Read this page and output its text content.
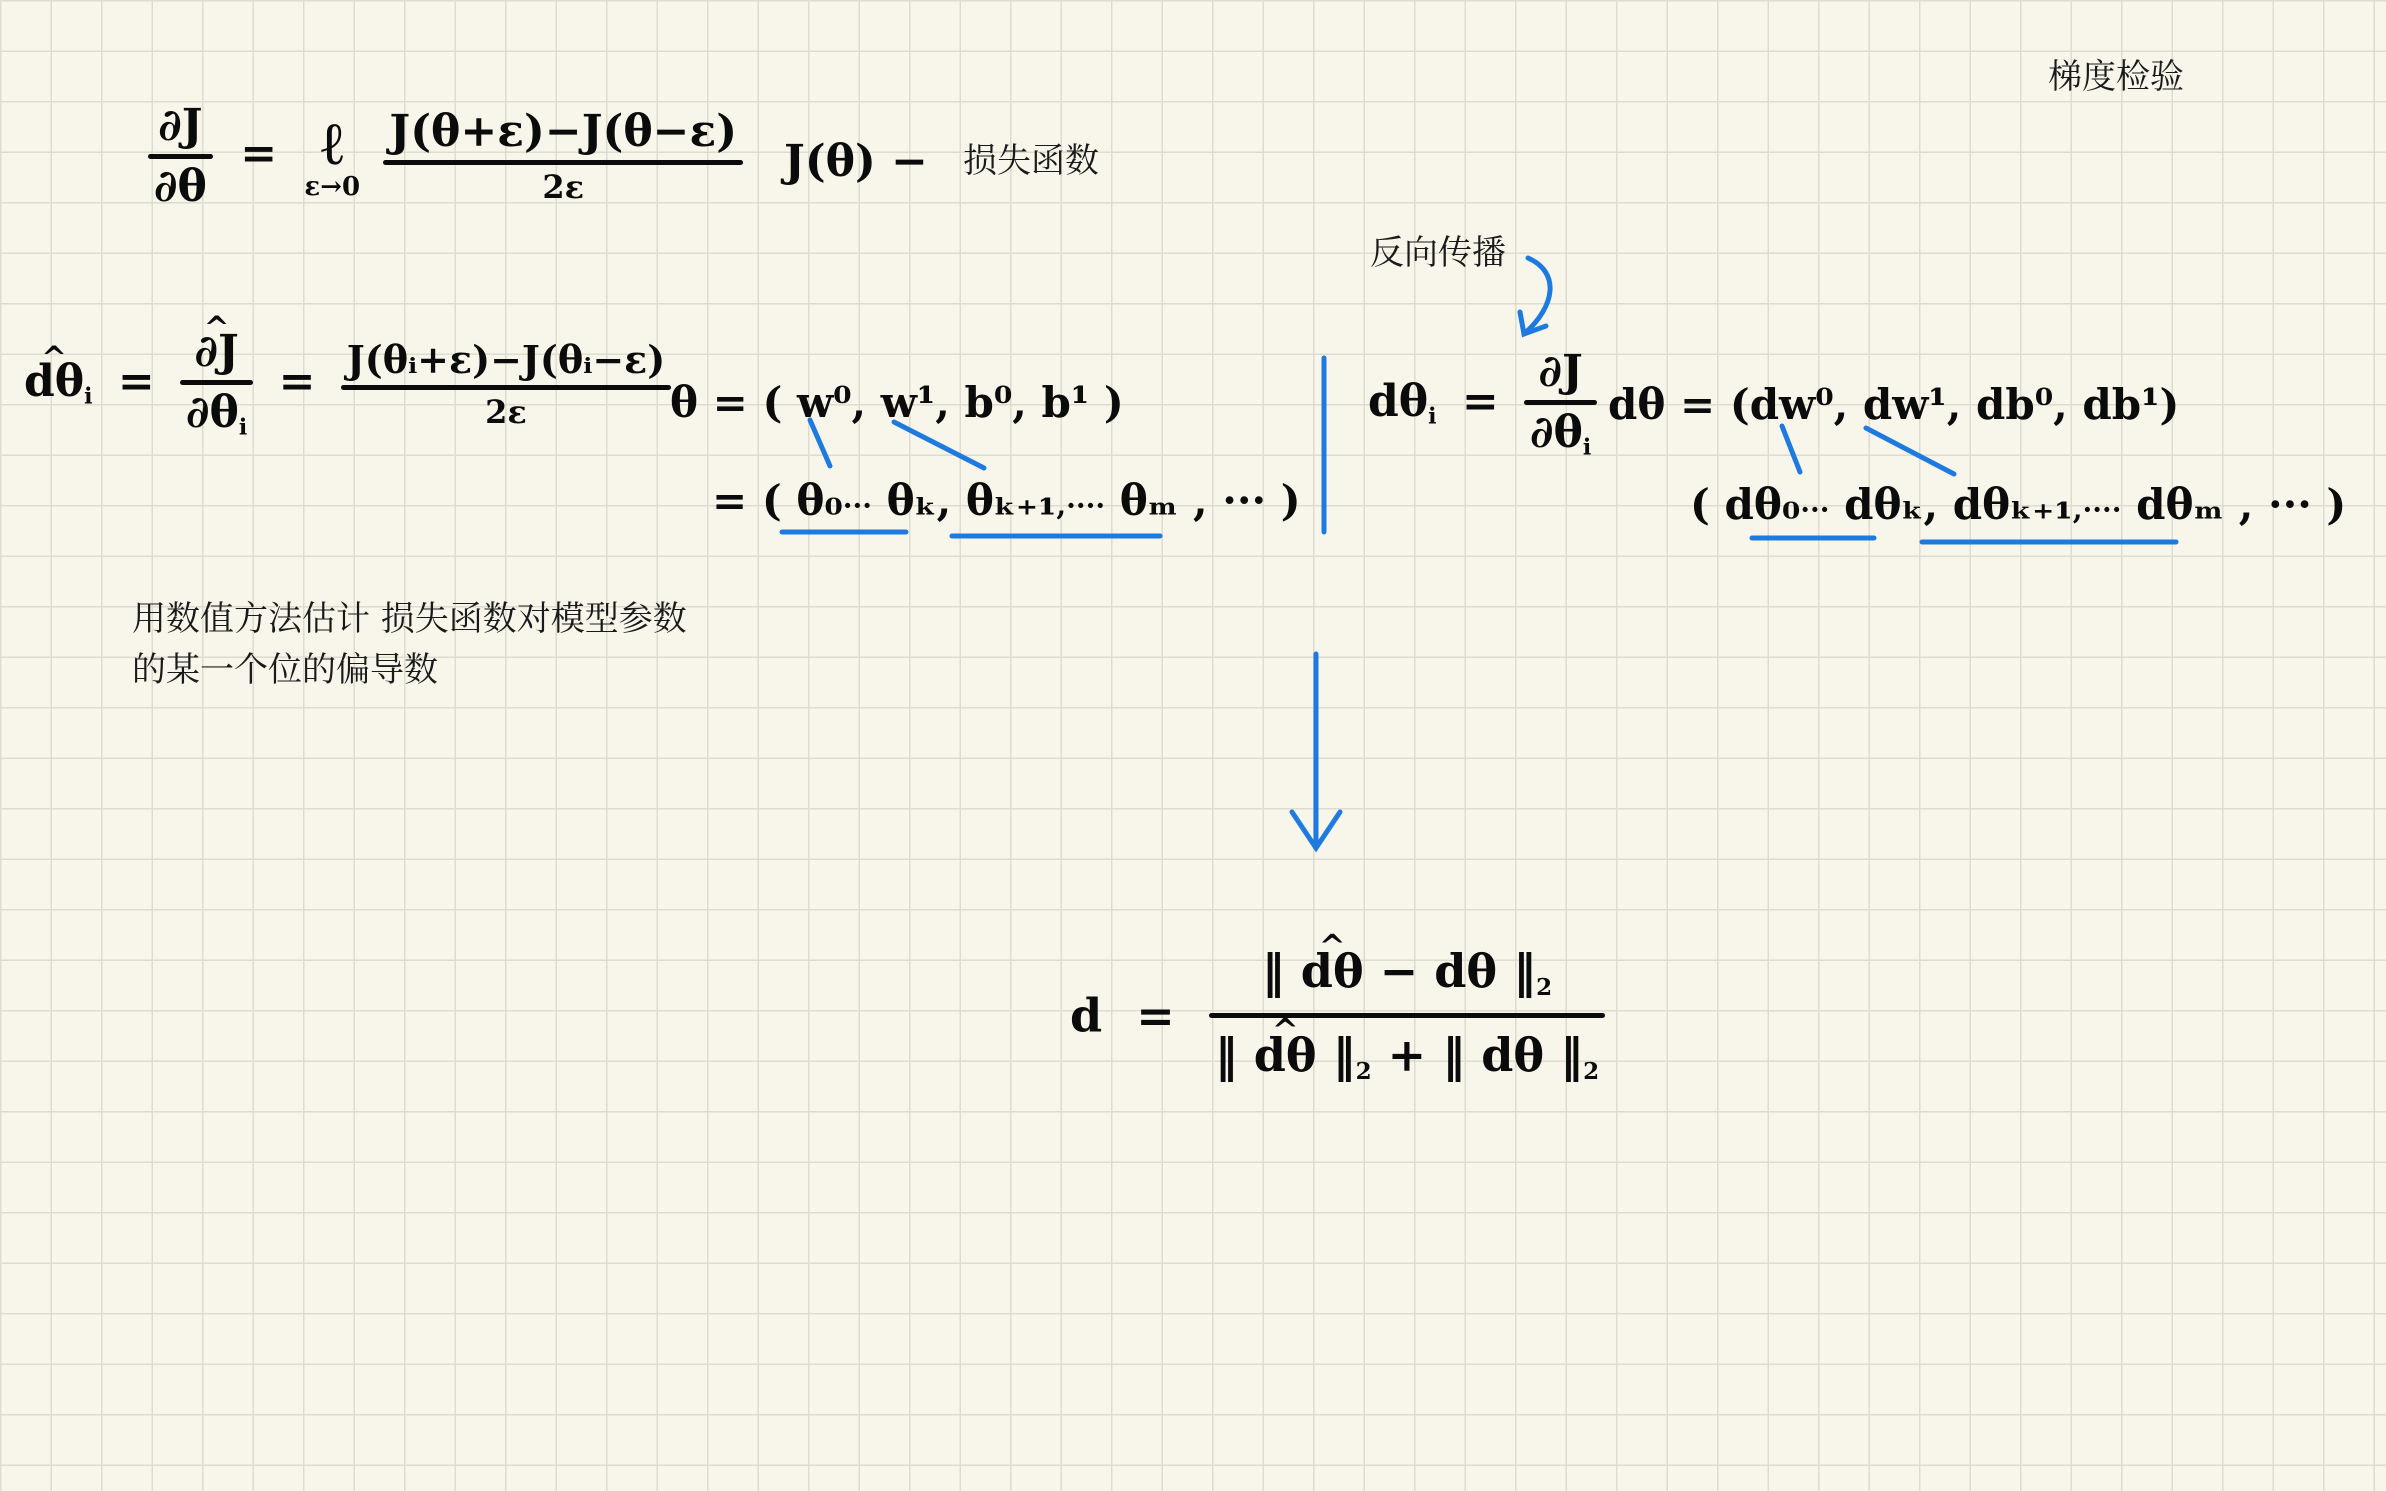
梯度检验
∂J
∂θ
= ℓ
ε→0

J(θ+ε)−J(θ−ε)
2ε	J(θ) − 损失函数
反向传播
^ $d\theta_i$ =
^ ∂J
$\partial\theta_i$
= J(θᵢ+ε)−J(θᵢ−ε)
2ε	θ = ( w⁰, w¹, b⁰, b¹ )
= ( θ₀··· θₖ, θₖ₊₁,···· θₘ , ··· )
$d\theta_i$ =
∂J
$\partial\theta_i$
dθ = (dw⁰, dw¹, db⁰, db¹)
( dθ₀··· dθₖ, dθₖ₊₁,···· dθₘ , ··· )
用数值方法估计 损失函数对模型参数
的某一个位的偏导数
d =
‖ ^ dθ − dθ $‖_2$
‖ ^ dθ $‖_2$ + ‖ dθ $‖_2$
